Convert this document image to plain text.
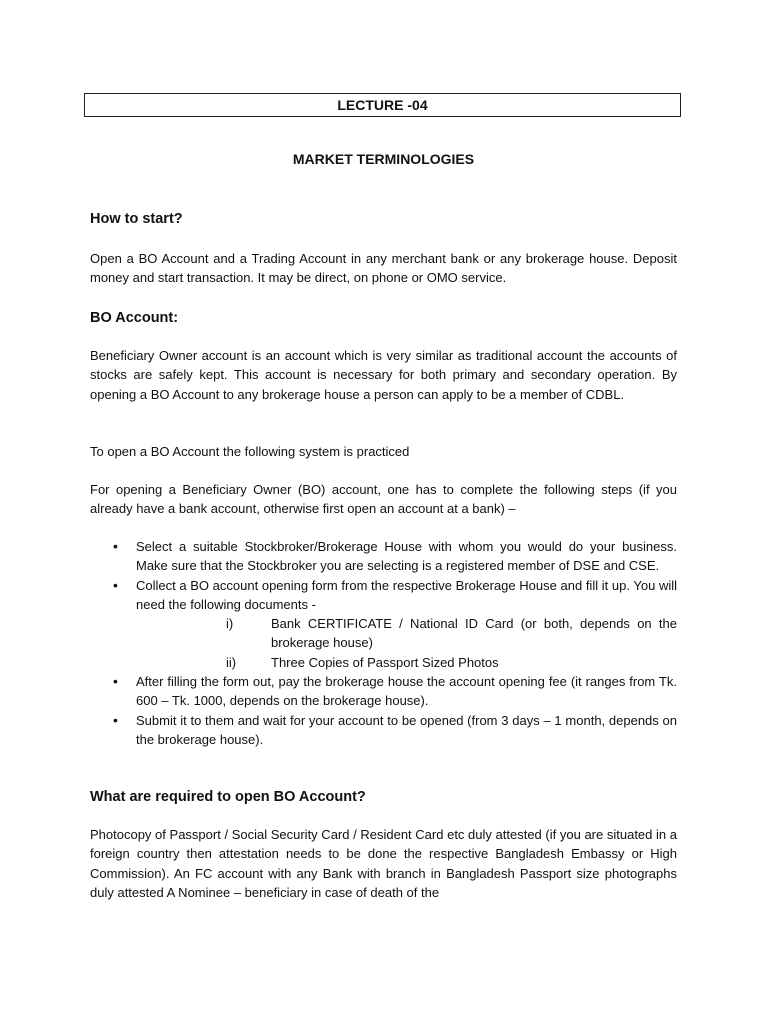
LECTURE -04
MARKET TERMINOLOGIES
How to start?
Open a BO Account and a Trading Account in any merchant bank or any brokerage house. Deposit money and start transaction. It may be direct, on phone or OMO service.
BO Account:
Beneficiary Owner account is an account which is very similar as traditional account the accounts of stocks are safely kept. This account is necessary for both primary and secondary operation. By opening a BO Account to any brokerage house a person can apply to be a member of CDBL.
To open a BO Account the following system is practiced
For opening a Beneficiary Owner (BO) account, one has to complete the following steps (if you already have a bank account, otherwise first open an account at a bank) –
• Select a suitable Stockbroker/Brokerage House with whom you would do your business. Make sure that the Stockbroker you are selecting is a registered member of DSE and CSE.
• Collect a BO account opening form from the respective Brokerage House and fill it up. You will need the following documents -
i)	Bank CERTIFICATE / National ID Card (or both, depends on the brokerage house)
ii)	Three Copies of Passport Sized Photos
• After filling the form out, pay the brokerage house the account opening fee (it ranges from Tk. 600 – Tk. 1000, depends on the brokerage house).
• Submit it to them and wait for your account to be opened (from 3 days – 1 month, depends on the brokerage house).
What are required to open BO Account?
Photocopy of Passport / Social Security Card / Resident Card etc duly attested (if you are situated in a foreign country then attestation needs to be done the respective Bangladesh Embassy or High Commission). An FC account with any Bank with branch in Bangladesh Passport size photographs duly attested A Nominee – beneficiary in case of death of the
